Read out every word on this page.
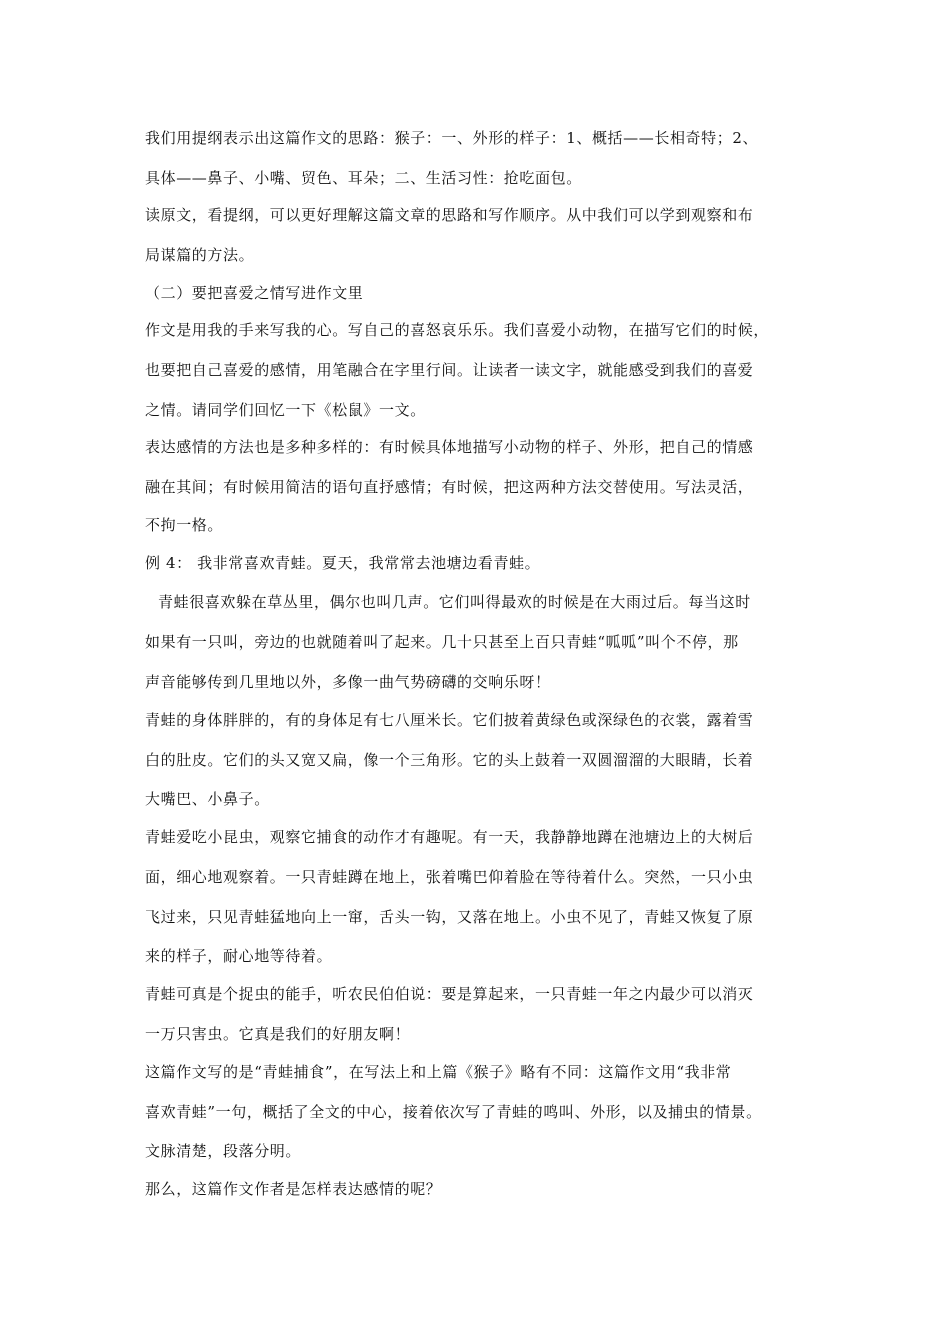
我们用提纲表示出这篇作文的思路：猴子：一、外形的样子：1、概括——长相奇特；2、
具体——鼻子、小嘴、贸色、耳朵；二、生活习性：抢吃面包。
读原文，看提纲，可以更好理解这篇文章的思路和写作顺序。从中我们可以学到观察和布
局谋篇的方法。
（二）要把喜爱之情写进作文里
作文是用我的手来写我的心。写自己的喜怒哀乐乐。我们喜爱小动物，在描写它们的时候，
也要把自己喜爱的感情，用笔融合在字里行间。让读者一读文字，就能感受到我们的喜爱
之情。请同学们回忆一下《松鼠》一文。
表达感情的方法也是多种多样的：有时候具体地描写小动物的样子、外形，把自己的情感
融在其间；有时候用简洁的语句直抒感情；有时候，把这两种方法交替使用。写法灵活，
不拘一格。
例 4： 我非常喜欢青蛙。夏天，我常常去池塘边看青蛙。
青蛙很喜欢躲在草丛里，偶尔也叫几声。它们叫得最欢的时候是在大雨过后。每当这时
如果有一只叫，旁边的也就随着叫了起来。几十只甚至上百只青蛙“呱呱”叫个不停，那
声音能够传到几里地以外，多像一曲气势磅礴的交响乐呀！
青蛙的身体胖胖的，有的身体足有七八厘米长。它们披着黄绿色或深绿色的衣裳，露着雪
白的肚皮。它们的头又宽又扁，像一个三角形。它的头上鼓着一双圆溜溜的大眼睛，长着
大嘴巴、小鼻子。
青蛙爱吃小昆虫，观察它捕食的动作才有趣呢。有一天，我静静地蹲在池塘边上的大树后
面，细心地观察着。一只青蛙蹲在地上，张着嘴巴仰着脸在等待着什么。突然，一只小虫
飞过来，只见青蛙猛地向上一窜，舌头一钩，又落在地上。小虫不见了，青蛙又恢复了原
来的样子，耐心地等待着。
青蛙可真是个捉虫的能手，听农民伯伯说：要是算起来，一只青蛙一年之内最少可以消灭
一万只害虫。它真是我们的好朋友啊！
这篇作文写的是“青蛙捕食”，在写法上和上篇《猴子》略有不同：这篇作文用“我非常
喜欢青蛙”一句，概括了全文的中心，接着依次写了青蛙的鸣叫、外形，以及捕虫的情景。
文脉清楚，段落分明。
那么，这篇作文作者是怎样表达感情的呢？
